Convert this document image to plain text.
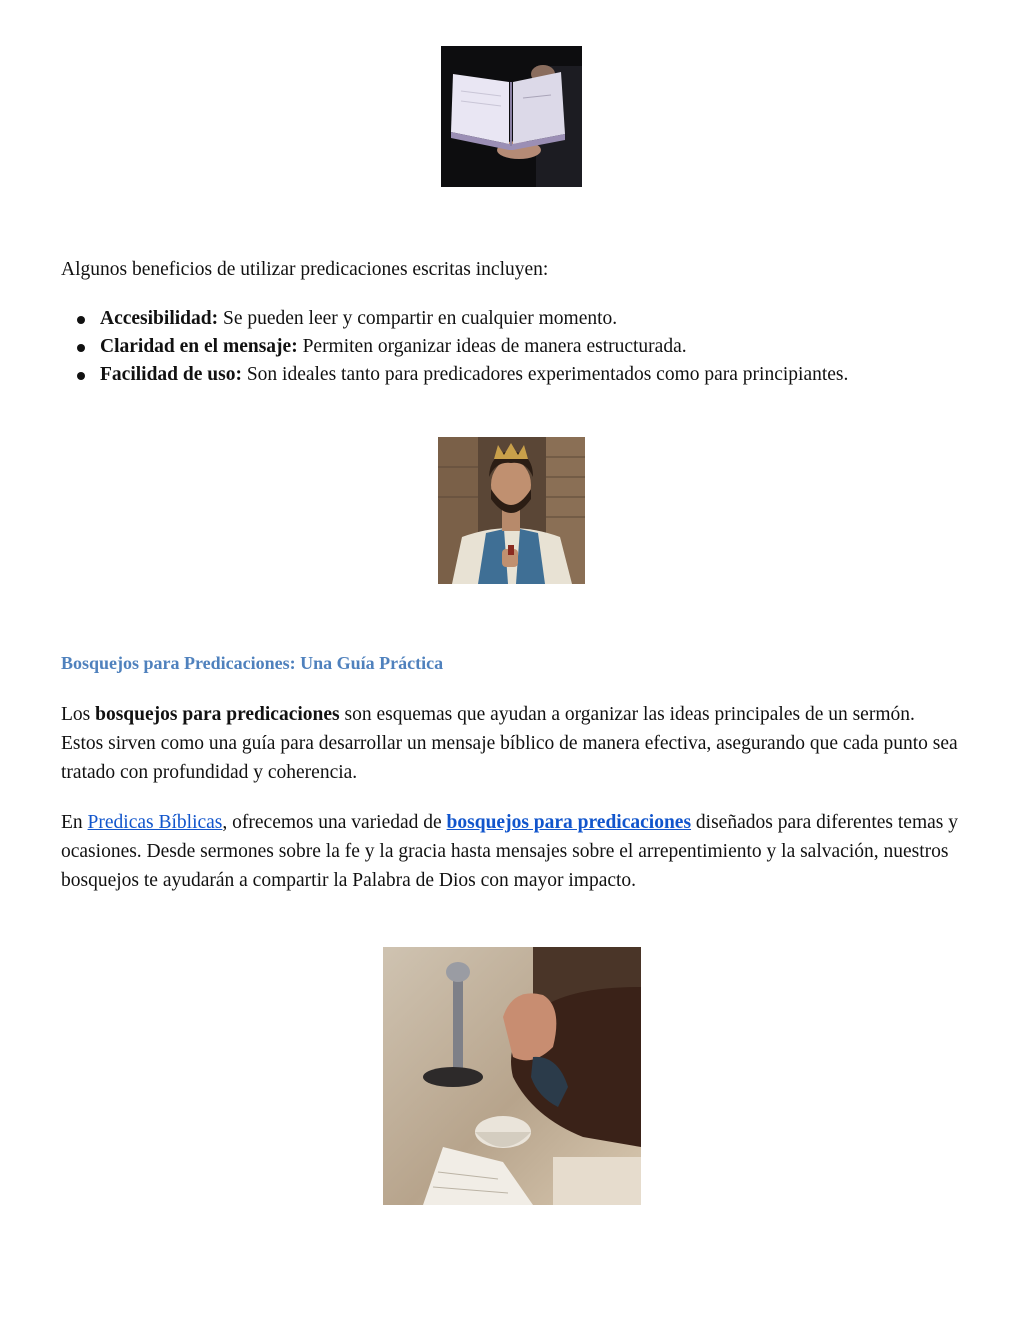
Algunos beneficios de utilizar predicaciones escritas incluyen:

Accesibilidad: Se pueden leer y compartir en cualquier momento.
Claridad en el mensaje: Permiten organizar ideas de manera estructurada.
Facilidad de uso: Son ideales tanto para predicadores experimentados como para principiantes.
Bosquejos para Predicaciones: Una Guía Práctica

Los bosquejos para predicaciones son esquemas que ayudan a organizar las ideas principales de un sermón. Estos sirven como una guía para desarrollar un mensaje bíblico de manera efectiva, asegurando que cada punto sea tratado con profundidad y coherencia.

En Predicas Bíblicas, ofrecemos una variedad de bosquejos para predicaciones diseñados para diferentes temas y ocasiones. Desde sermones sobre la fe y la gracia hasta mensajes sobre el arrepentimiento y la salvación, nuestros bosquejos te ayudarán a compartir la Palabra de Dios con mayor impacto.
